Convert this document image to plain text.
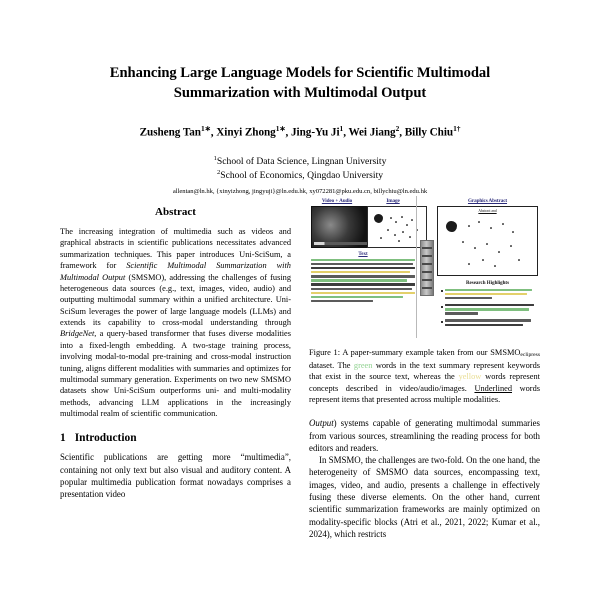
Enhancing Large Language Models for Scientific Multimodal
Summarization with Multimodal Output
Zusheng Tan$^{1∗}$, Xinyi Zhong$^{1∗}$, Jing-Yu Ji$^1$, Wei Jiang$^2$, Billy Chiu$^{1\dagger}$
$^1$School of Data Science, Lingnan University
$^2$School of Economics, Qingdao University
allentan@ln.hk, {xinyizhong, jingyuji}@ln.edu.hk, xy072281@pku.edu.cn, billychiu@ln.edu.hk
Abstract

The increasing integration of multimedia such as videos and graphical abstracts in scientific publications necessitates advanced summarization techniques. This paper introduces Uni-SciSum, a framework for Scientific Multimodal Summarization with Multimodal Output (SMSMO), addressing the challenges of fusing heterogeneous data sources (e.g., text, images, video, audio) and outputting multimodal summary within a unified architecture. Uni-SciSum leverages the power of large language models (LLMs) and extends its capability to cross-modal understanding through BridgeNet, a query-based transformer that fuses diverse modalities into a fixed-length embedding. A two-stage training process, involving modal-to-modal pre-training and cross-modal instruction tuning, aligns different modalities with summaries and optimizes for multimodal summary generation. Experiments on two new SMSMO datasets show Uni-SciSum outperforms uni- and multi-modality methods, advancing LLM applications in the increasingly multimodal realm of scientific communication.

1 Introduction

Scientific publications are getting more “multimedia”, containing not only text but also visual and auditory content. A popular multimedia publication format nowadays comprises a presentation video

Video + Audio	Image
Text
Graphics Abstract
Abstract and
Research Highlights
Figure 1: A paper-summary example taken from our SMSMOeclipress dataset. The green words in the text summary represent keywords that exist in the source text, whereas the yellow words represent concepts described in video/audio/images. Underlined words represent items that presented across multiple modalities.

Output) systems capable of generating multimodal summaries from various sources, streamlining the reading process for both editors and readers.

In SMSMO, the challenges are two-fold. On the one hand, the heterogeneity of SMSMO data sources, encompassing text, images, video, and audio, presents a challenge in effectively fusing these diverse elements. On the other hand, current scientific summarization frameworks are mainly optimized on modality-specific blocks (Atri et al., 2021, 2022; Kumar et al., 2024), which restricts
